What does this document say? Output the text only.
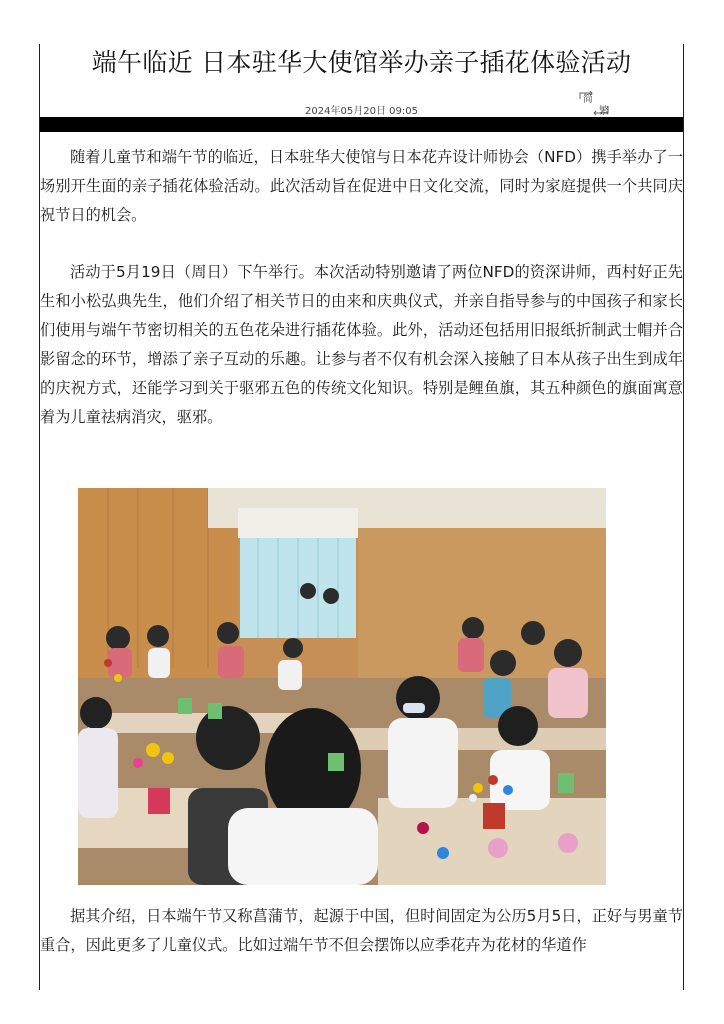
端午临近 日本驻华大使馆举办亲子插花体验活动
2024年05月20日 09:05
简
繁

随着儿童节和端午节的临近，日本驻华大使馆与日本花卉设计师协会（NFD）携手举办了一场别开生面的亲子插花体验活动。此次活动旨在促进中日文化交流，同时为家庭提供一个共同庆祝节日的机会。

活动于5月19日（周日）下午举行。本次活动特别邀请了两位NFD的资深讲师，西村好正先生和小松弘典先生，他们介绍了相关节日的由来和庆典仪式，并亲自指导参与的中国孩子和家长们使用与端午节密切相关的五色花朵进行插花体验。此外，活动还包括用旧报纸折制武士帽并合影留念的环节，增添了亲子互动的乐趣。让参与者不仅有机会深入接触了日本从孩子出生到成年的庆祝方式，还能学习到关于驱邪五色的传统文化知识。特别是鲤鱼旗，其五种颜色的旗面寓意着为儿童祛病消灾，驱邪。

据其介绍，日本端午节又称菖蒲节，起源于中国，但时间固定为公历5月5日，正好与男童节重合，因此更多了儿童仪式。比如过端午节不但会摆饰以应季花卉为花材的华道作
